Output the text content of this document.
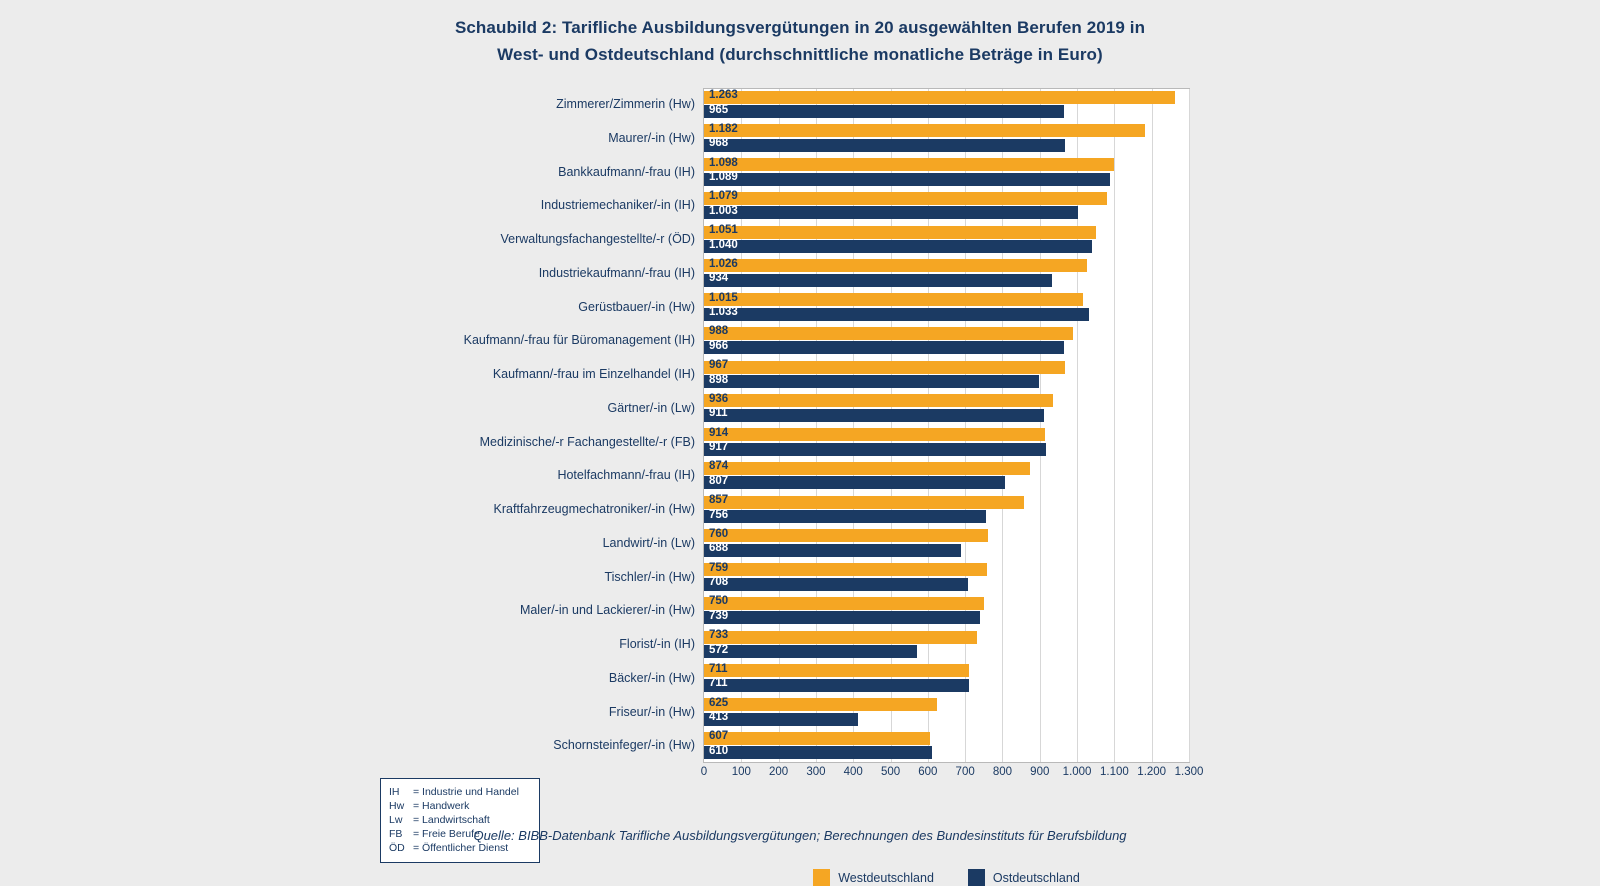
Schaubild 2: Tarifliche Ausbildungsvergütungen in 20 ausgewählten Berufen 2019 in
West- und Ostdeutschland (durchschnittliche monatliche Beträge in Euro)
Zimmerer/Zimmerin (Hw)
1.263
965
Maurer/-in (Hw)
1.182
968
Bankkaufmann/-frau (IH)
1.098
1.089
Industriemechaniker/-in (IH)
1.079
1.003
Verwaltungsfachangestellte/-r (ÖD)
1.051
1.040
Industriekaufmann/-frau (IH)
1.026
934
Gerüstbauer/-in (Hw)
1.015
1.033
Kaufmann/-frau für Büromanagement (IH)
988
966
Kaufmann/-frau im Einzelhandel (IH)
967
898
Gärtner/-in (Lw)
936
911
Medizinische/-r Fachangestellte/-r (FB)
914
917
Hotelfachmann/-frau (IH)
874
807
Kraftfahrzeugmechatroniker/-in (Hw)
857
756
Landwirt/-in (Lw)
760
688
Tischler/-in (Hw)
759
708
Maler/-in und Lackierer/-in (Hw)
750
739
Florist/-in (IH)
733
572
Bäcker/-in (Hw)
711
711
Friseur/-in (Hw)
625
413
Schornsteinfeger/-in (Hw)
607
610
0 100 200 300 400 500 600 700 800 900 1.000 1.100 1.200 1.300
IH = Industrie und Handel
Hw = Handwerk
Lw = Landwirtschaft
FB = Freie Berufe
ÖD = Öffentlicher Dienst
Westdeutschland	Ostdeutschland
Quelle: BIBB-Datenbank Tarifliche Ausbildungsvergütungen; Berechnungen des Bundesinstituts für Berufsbildung
